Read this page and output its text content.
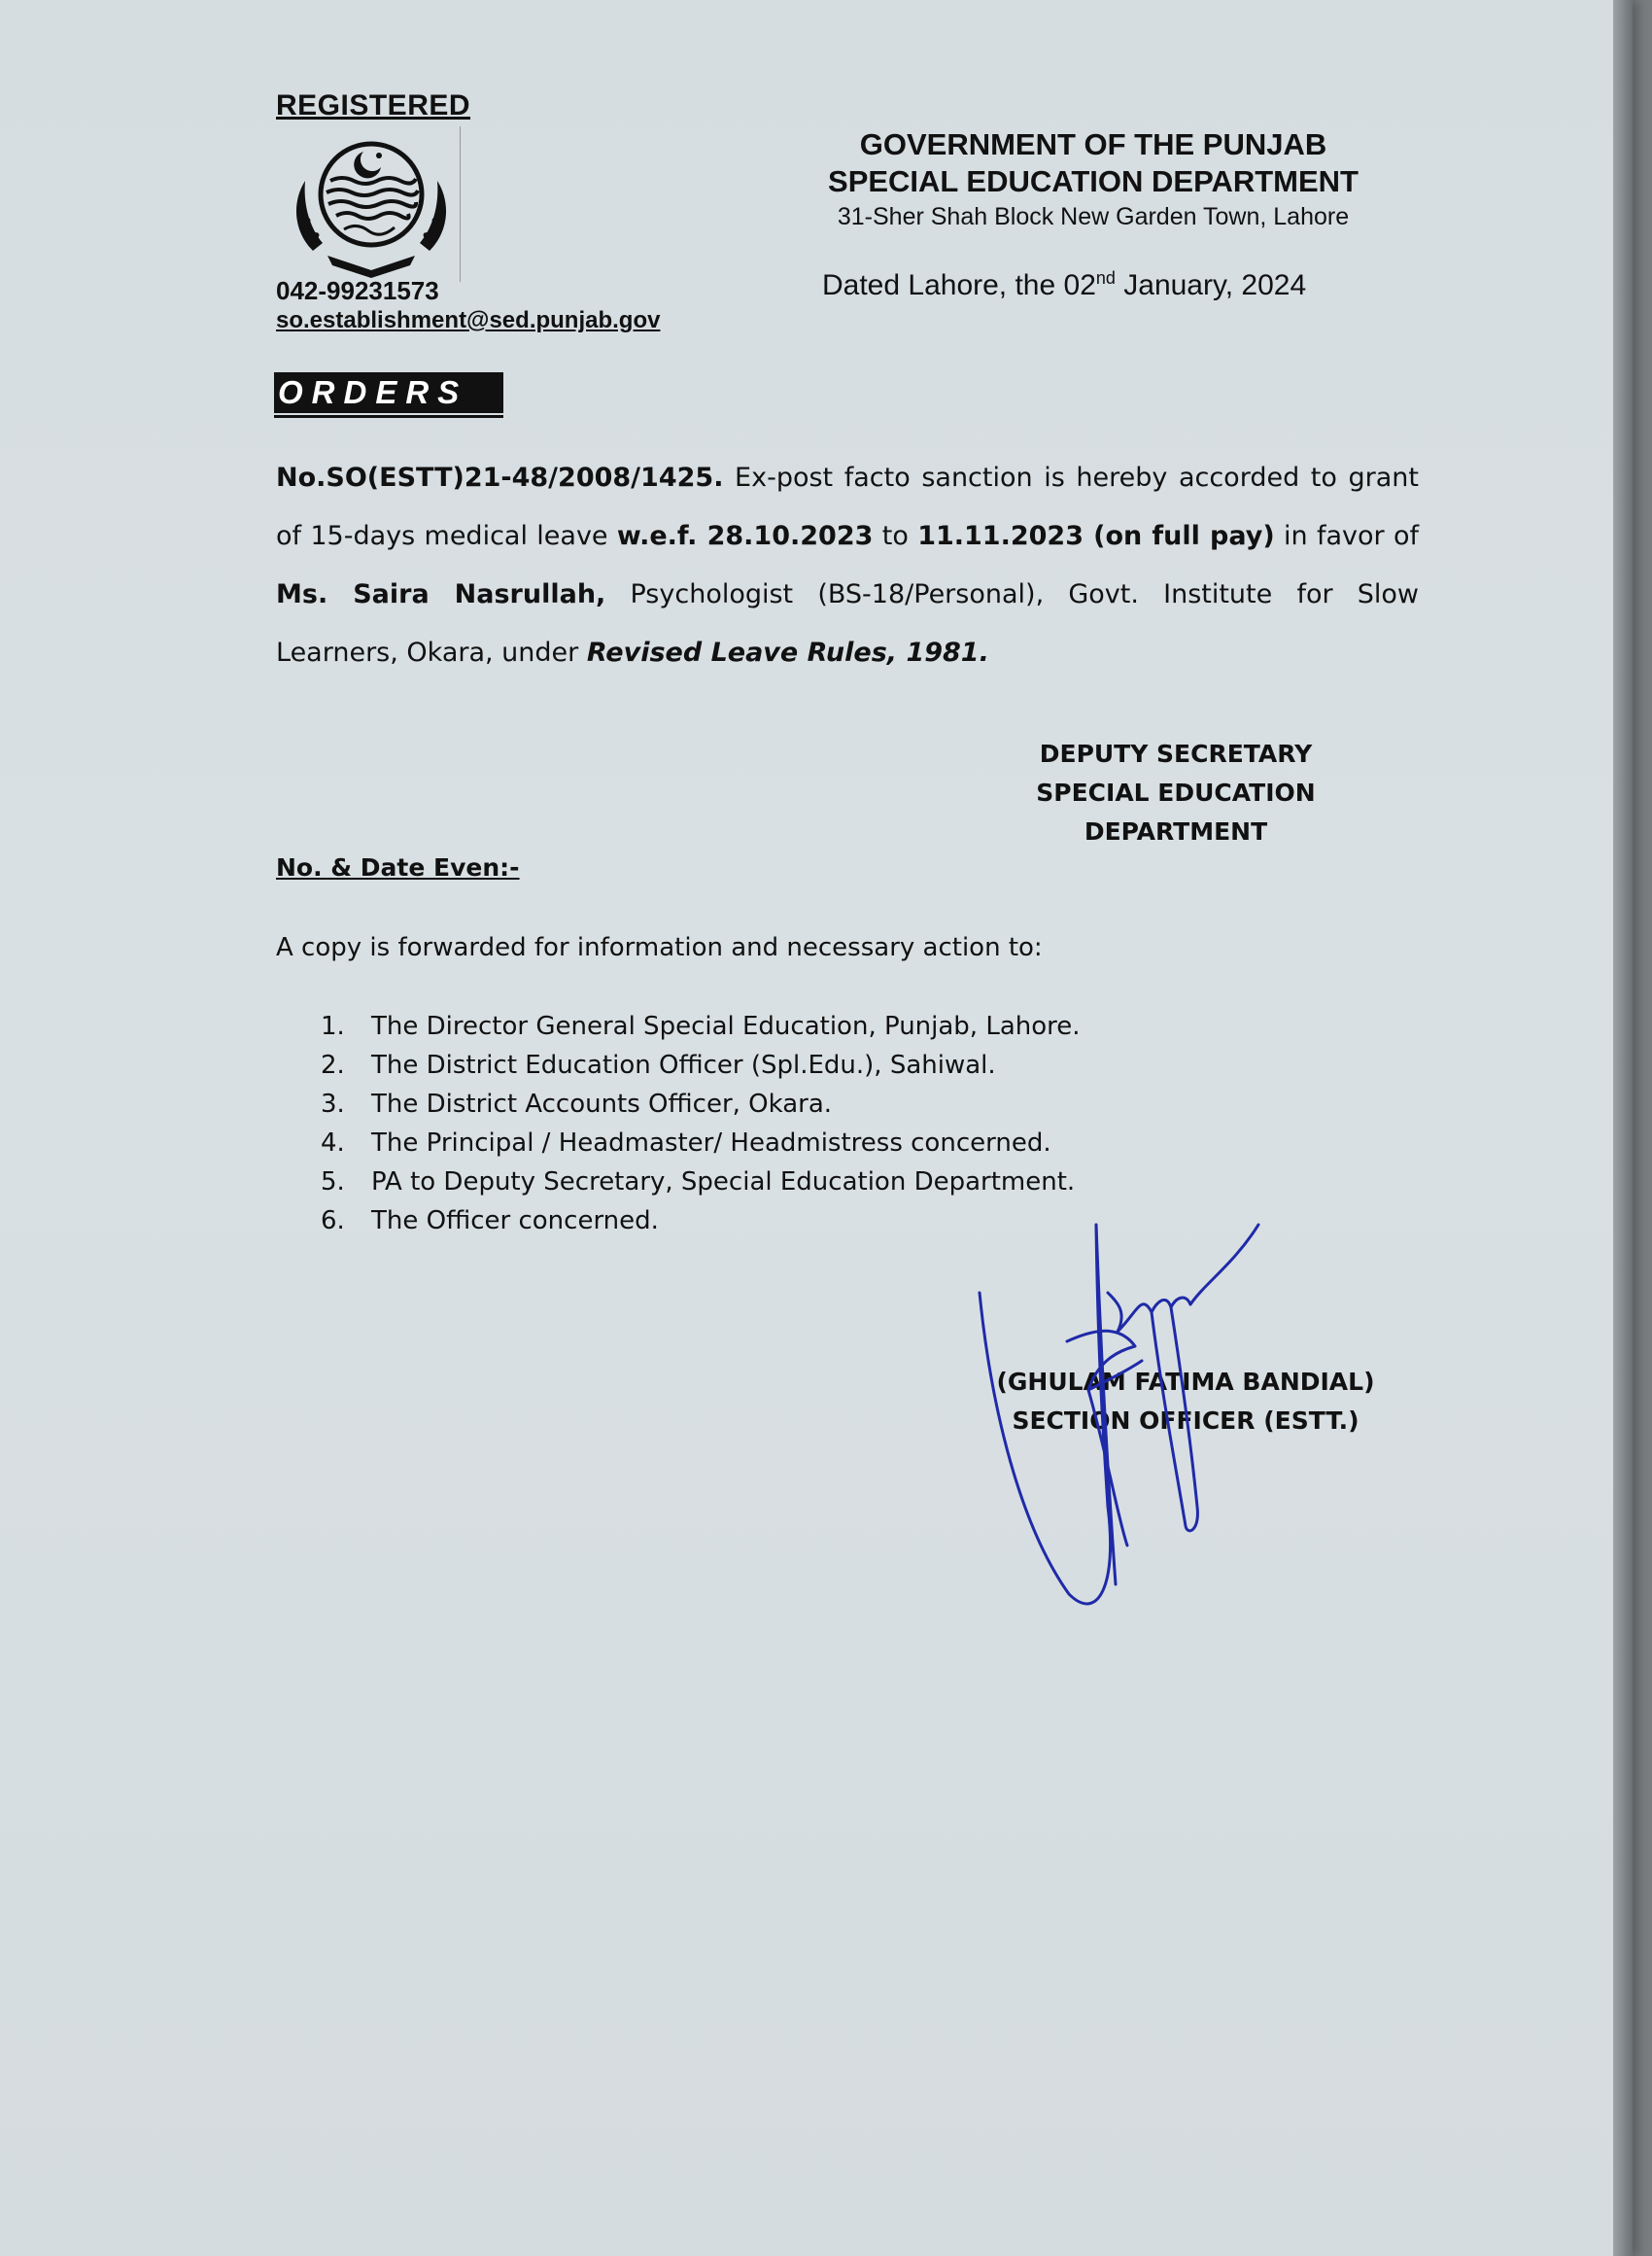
REGISTERED
042-99231573
so.establishment@sed.punjab.gov
GOVERNMENT OF THE PUNJAB
SPECIAL EDUCATION DEPARTMENT
31-Sher Shah Block New Garden Town, Lahore
Dated Lahore, the 02nd January, 2024
ORDERS
No.SO(ESTT)21-48/2008/1425. Ex-post facto sanction is hereby accorded to grant of 15-days medical leave w.e.f. 28.10.2023 to 11.11.2023 (on full pay) in favor of Ms. Saira Nasrullah, Psychologist (BS-18/Personal), Govt. Institute for Slow Learners, Okara, under Revised Leave Rules, 1981.
DEPUTY SECRETARY
SPECIAL EDUCATION
DEPARTMENT
No. & Date Even:-
A copy is forwarded for information and necessary action to:
1.	The Director General Special Education, Punjab, Lahore.
2.	The District Education Officer (Spl.Edu.), Sahiwal.
3.	The District Accounts Officer, Okara.
4.	The Principal / Headmaster/ Headmistress concerned.
5.	PA to Deputy Secretary, Special Education Department.
6.	The Officer concerned.
(GHULAM FATIMA BANDIAL)
SECTION OFFICER (ESTT.)
